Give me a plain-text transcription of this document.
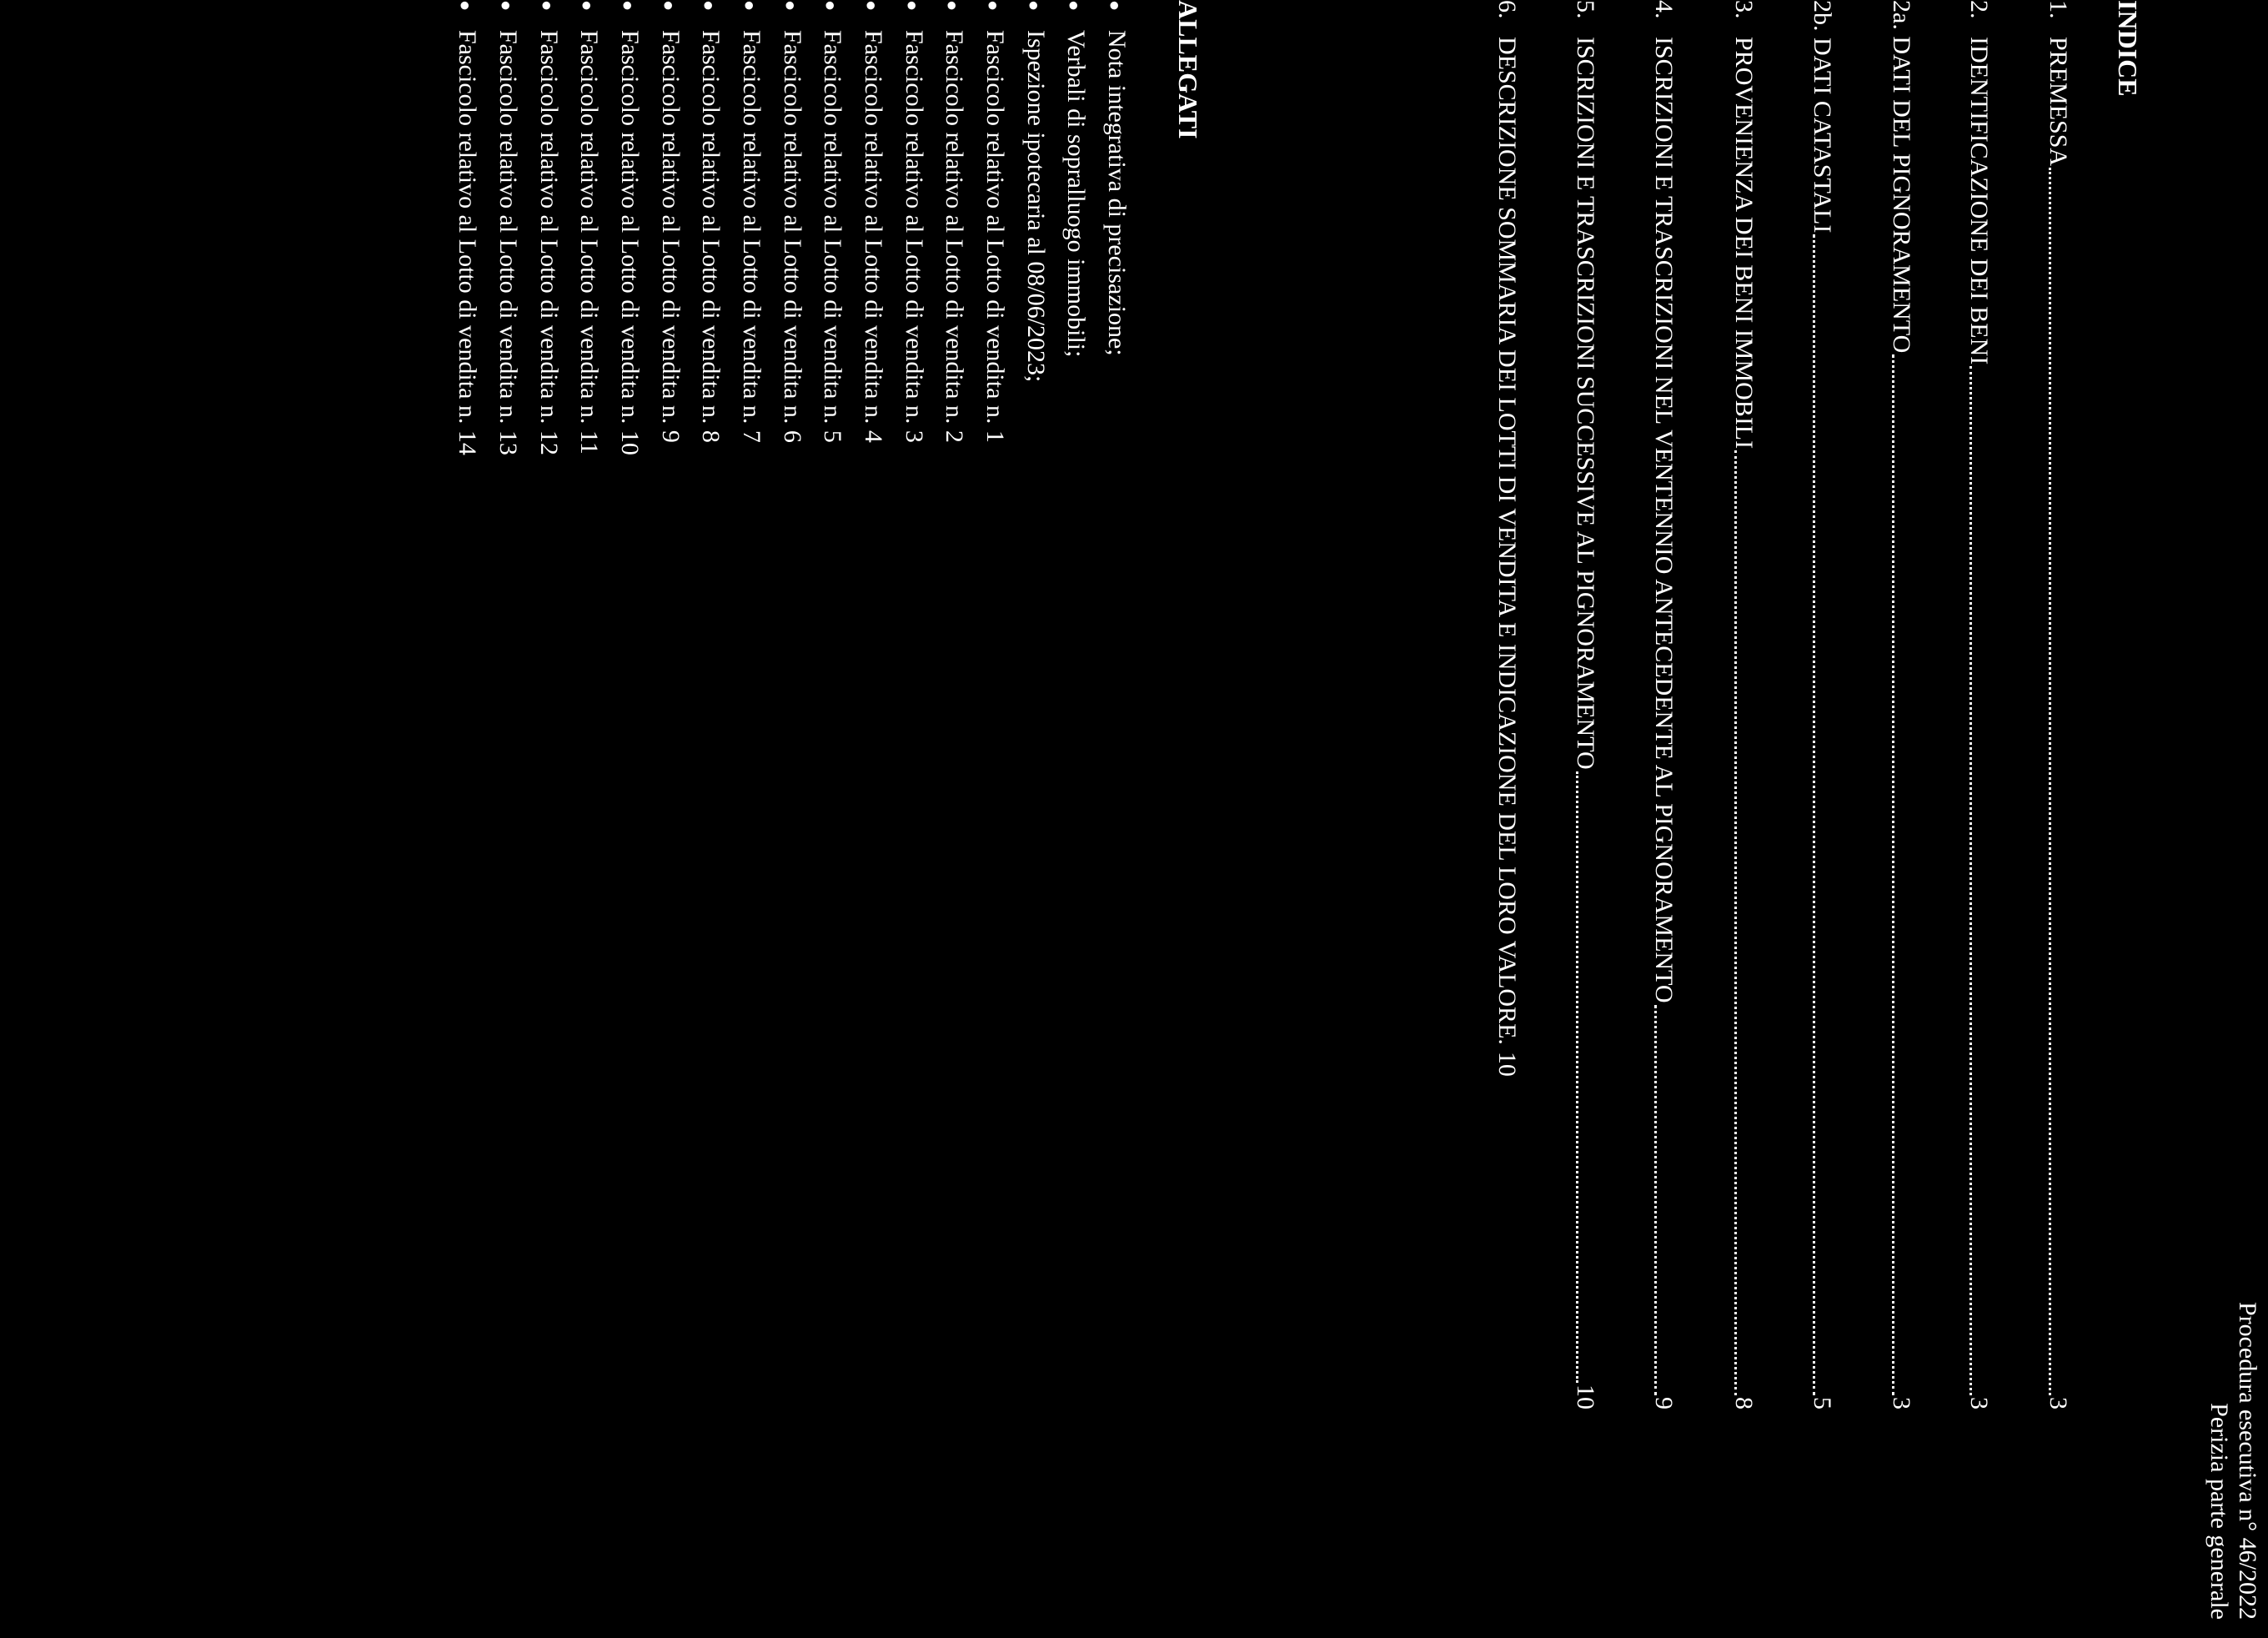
Procedura esecutiva n° 46/2022
Perizia parte generale
INDICE
1.
PREMESSA
3
2.
IDENTIFICAZIONE DEI BENI
3
2a. DATI DEL PIGNORAMENTO
3
2b. DATI CATASTALI
5
3.
PROVENIENZA DEI BENI IMMOBILI
8
4.
ISCRIZIONI E TRASCRIZIONI NEL VENTENNIO ANTECEDENTE AL PIGNORAMENTO
9
5.
ISCRIZIONI E TRASCRIZIONI SUCCESSIVE AL PIGNORAMENTO
10
6.
DESCRIZIONE SOMMARIA DEI LOTTI DI VENDITA E INDICAZIONE DEL LORO VALORE.
10
ALLEGATI
●
Nota integrativa di precisazione;
●
Verbali di sopralluogo immobili;
●
Ispezione ipotecaria al 08/06/2023;
●
Fascicolo relativo al Lotto di vendita n. 1
●
Fascicolo relativo al Lotto di vendita n. 2
●
Fascicolo relativo al Lotto di vendita n. 3
●
Fascicolo relativo al Lotto di vendita n. 4
●
Fascicolo relativo al Lotto di vendita n. 5
●
Fascicolo relativo al Lotto di vendita n. 6
●
Fascicolo relativo al Lotto di vendita n. 7
●
Fascicolo relativo al Lotto di vendita n. 8
●
Fascicolo relativo al Lotto di vendita n. 9
●
Fascicolo relativo al Lotto di vendita n. 10
●
Fascicolo relativo al Lotto di vendita n. 11
●
Fascicolo relativo al Lotto di vendita n. 12
●
Fascicolo relativo al Lotto di vendita n. 13
●
Fascicolo relativo al Lotto di vendita n. 14
